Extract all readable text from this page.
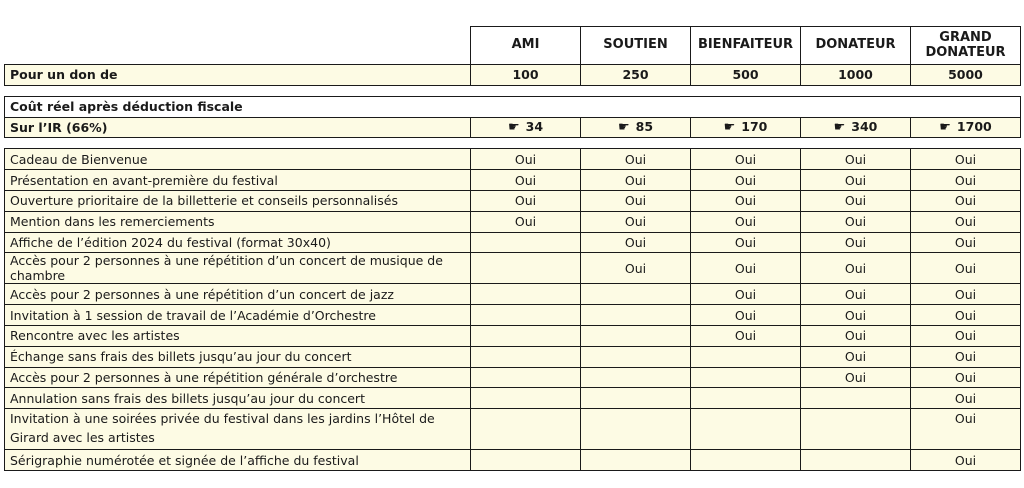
	AMI	SOUTIEN	BIENFAITEUR	DONATEUR	GRAND DONATEUR
Pour un don de	100	250	500	1000	5000

Coût réel après déduction fiscale					
Sur l’IR (66%)	☛ 34	☛ 85	☛ 170	☛ 340	☛ 1700

Cadeau de Bienvenue	Oui	Oui	Oui	Oui	Oui
Présentation en avant-première du festival	Oui	Oui	Oui	Oui	Oui
Ouverture prioritaire de la billetterie et conseils personnalisés	Oui	Oui	Oui	Oui	Oui
Mention dans les remerciements	Oui	Oui	Oui	Oui	Oui
Affiche de l’édition 2024 du festival (format 30x40)		Oui	Oui	Oui	Oui
Accès pour 2 personnes à une répétition d’un concert de musique de chambre		Oui	Oui	Oui	Oui
Accès pour 2 personnes à une répétition d’un concert de jazz			Oui	Oui	Oui
Invitation à 1 session de travail de l’Académie d’Orchestre			Oui	Oui	Oui
Rencontre avec les artistes			Oui	Oui	Oui
Échange sans frais des billets jusqu’au jour du concert				Oui	Oui
Accès pour 2 personnes à une répétition générale d’orchestre				Oui	Oui
Annulation sans frais des billets jusqu’au jour du concert					Oui
Invitation à une soirées privée du festival dans les jardins l’Hôtel de Girard avec les artistes					Oui
Sérigraphie numérotée et signée de l’affiche du festival					Oui
